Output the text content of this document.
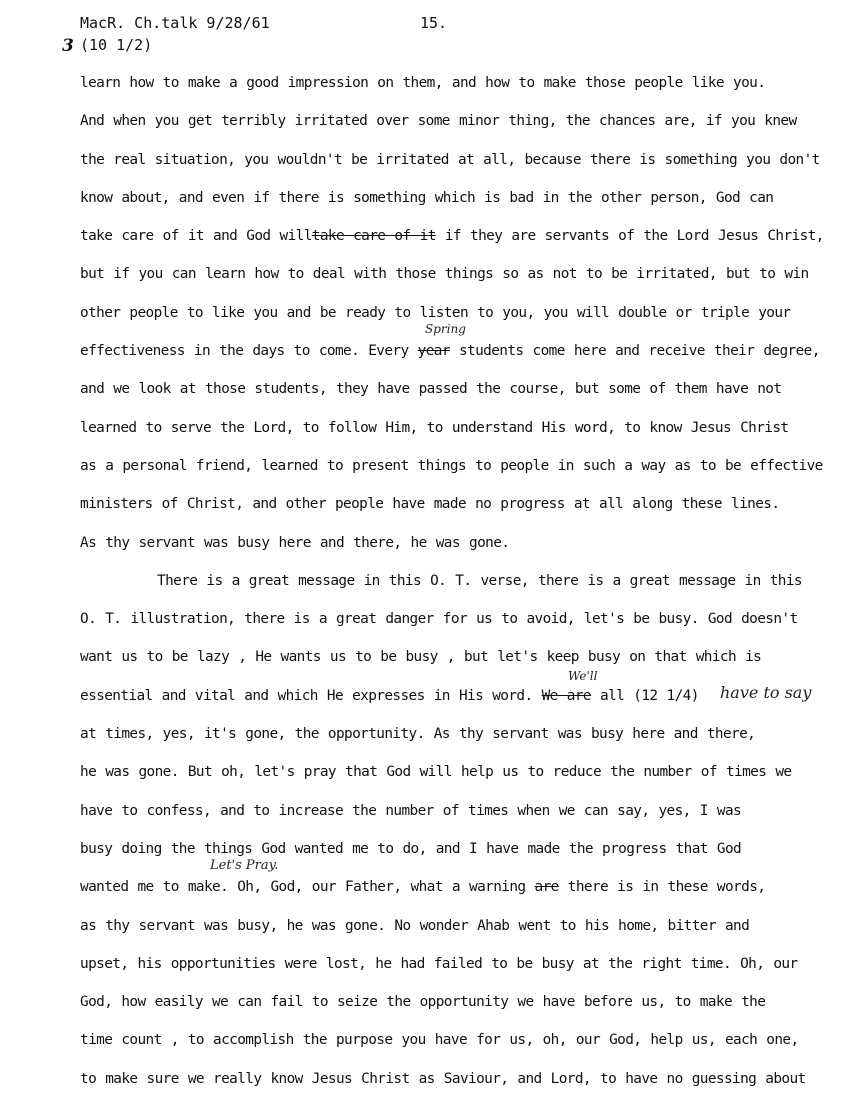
MacR. Ch.talk 9/28/61	15.
3 (10 1/2)
Spring
We'll
have to say
Let's Pray.
learn how to make a good impression on them, and how to make those people like you.
And when you get terribly irritated over some minor thing, the chances are, if you knew
the real situation, you wouldn't be irritated at all, because there is something you don't
know about, and even if there is something which is bad in the other person, God can
take care of it and God willtake care of it if they are servants of the Lord Jesus Christ,
but if you can learn how to deal with those things so as not to be irritated, but to win
other people to like you and be ready to listen to you, you will double or triple your
effectiveness in the days to come. Every year students come here and receive their degree,
and we look at those students, they have passed the course, but some of them have not
learned to serve the Lord, to follow Him, to understand His word, to know Jesus Christ
as a personal friend, learned to present things to people in such a way as to be effective
ministers of Christ, and other people have made no progress at all along these lines.
As thy servant was busy here and there, he was gone.
There is a great message in this O. T. verse, there is a great message in this
O. T. illustration, there is a great danger for us to avoid, let's be busy. God doesn't
want us to be lazy , He wants us to be busy , but let's keep busy on that which is
essential and vital and which He expresses in His word. We are all (12 1/4)
at times, yes, it's gone, the opportunity. As thy servant was busy here and there,
he was gone. But oh, let's pray that God will help us to reduce the number of times we
have to confess, and to increase the number of times when we can say, yes, I was
busy doing the things God wanted me to do, and I have made the progress that God
wanted me to make. Oh, God, our Father, what a warning are there is in these words,
as thy servant was busy, he was gone. No wonder Ahab went to his home, bitter and
upset, his opportunities were lost, he had failed to be busy at the right time. Oh, our
God, how easily we can fail to seize the opportunity we have before us, to make the
time count , to accomplish the purpose you have for us, oh, our God, help us, each one,
to make sure we really know Jesus Christ as Saviour, and Lord, to have no guessing about
